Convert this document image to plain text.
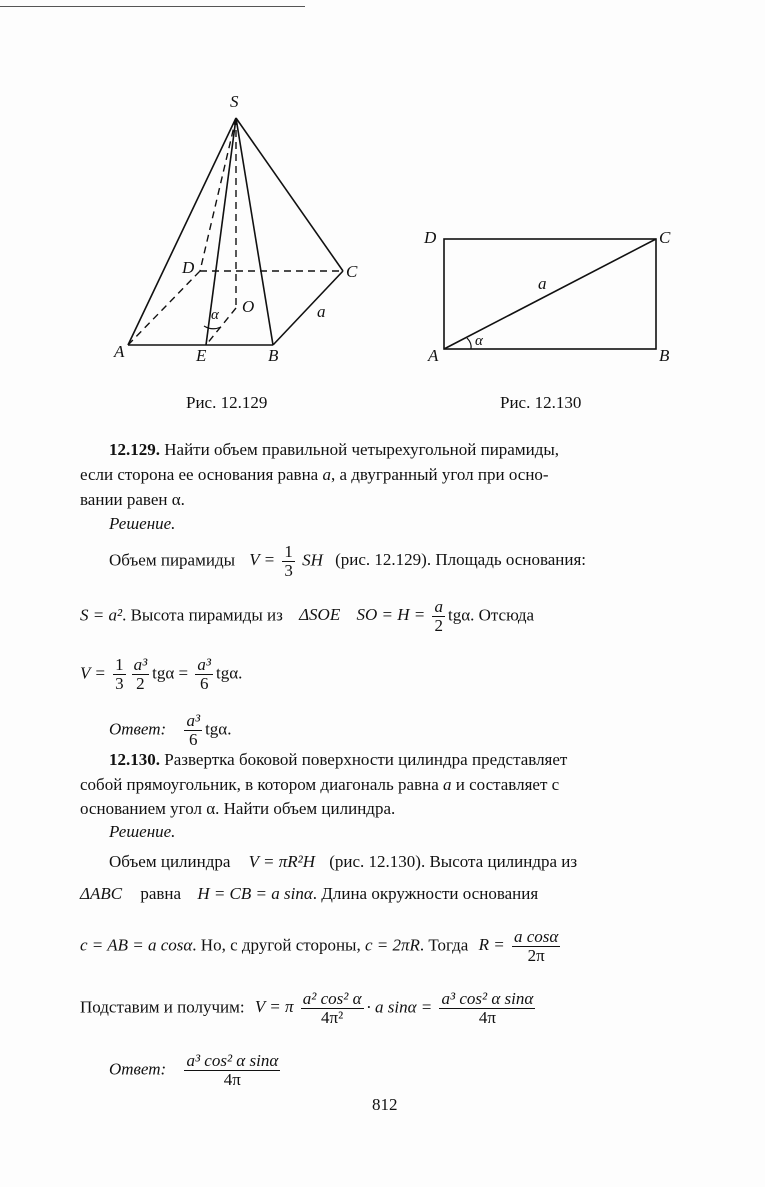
S
D	C
O
α	a
A	E	B
Рис. 12.129
D	C
a
A
α
B
Рис. 12.130
12.129. Найти объем правильной четырехугольной пирамиды,
если сторона ее основания равна a, а двугранный угол при осно-
вании равен α.
Решение.
Объем пирамиды $V = \frac{1}{3}$ SH (рис. 12.129). Площадь основания:
S = a². Высота пирамиды из ΔSOE SO = $H = \frac{a}{2} tg\alpha$. Отсюда
$V = \frac{1}{3} \frac{\text{a³}}{2}$ $tg\alpha = \frac{\text{a³}}{6} tg\alpha$.
Ответ: $\frac{\text{a³}}{6} tg\alpha$.
12.130. Развертка боковой поверхности цилиндра представляет
собой прямоугольник, в котором диагональ равна a и составляет с
основанием угол α. Найти объем цилиндра.
Решение.
Объем цилиндра V = πR²H (рис. 12.130). Высота цилиндра из
ΔABC равна H = CB = a sinα. Длина окружности основания
c = AB = a cosα. Но, с другой стороны, c = 2πR. Тогда $R = \frac{\text{a cosα}}{2\pi}$
Подставим и получим: V = π $\frac{\text{a² cos² α}}{\text{4π²}} \cdot a$ $\sin\alpha = \frac{\text{a³ cos² α sinα}}{4\pi}$
Ответ: $\frac{\text{a³ cos² α sinα}}{4\pi}$
812
